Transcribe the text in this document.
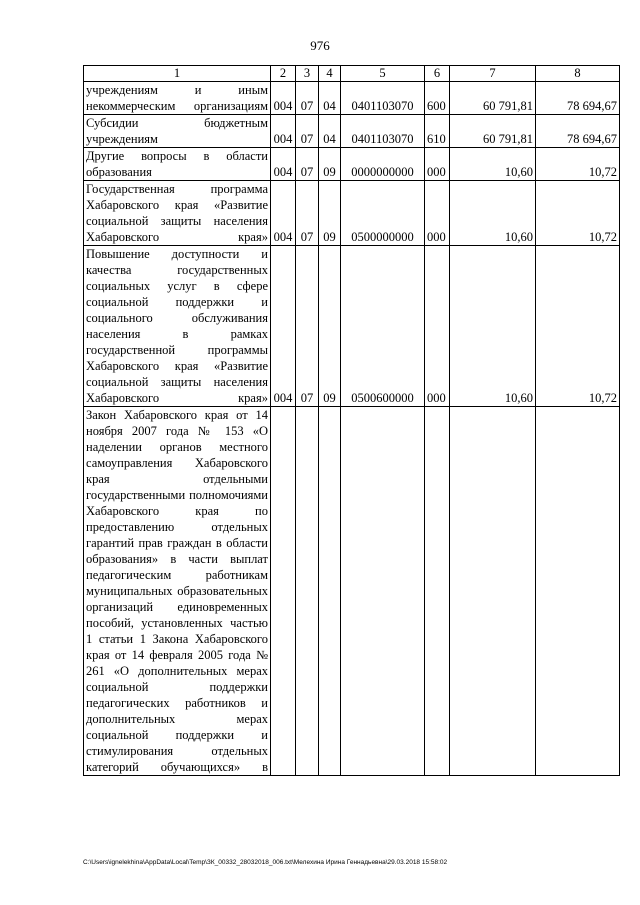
976
1	2	3	4	5	6	7	8
учреждениям и иным некоммерческим организациям	004	07	04	0401103070	600	60 791,81	78 694,67
Субсидии бюджетным учреждениям	004	07	04	0401103070	610	60 791,81	78 694,67
Другие вопросы в области образования	004	07	09	0000000000	000	10,60	10,72
Государственная программа Хабаровского края «Развитие социальной защиты населения Хабаровского края»	004	07	09	0500000000	000	10,60	10,72
Повышение доступности и качества государственных социальных услуг в сфере социальной поддержки и социального обслуживания населения в рамках государственной программы Хабаровского края «Развитие социальной защиты населения Хабаровского края»	004	07	09	0500600000	000	10,60	10,72
Закон Хабаровского края от 14 ноября 2007 года № 153 «О наделении органов местного самоуправления Хабаровского края отдельными государственными полномочиями Хабаровского края по предоставлению отдельных гарантий прав граждан в области образования» в части выплат педагогическим работникам муниципальных образовательных организаций единовременных пособий, установленных частью 1 статьи 1 Закона Хабаровского края от 14 февраля 2005 года № 261 «О дополнительных мерах социальной поддержки педагогических работников и дополнительных мерах социальной поддержки и стимулирования отдельных категорий обучающихся» в							
C:\Users\ignelekhina\AppData\Local\Temp\ЗК_00332_28032018_006.txt\Мелехина Ирина Геннадьевна\29.03.2018 15:58:02
